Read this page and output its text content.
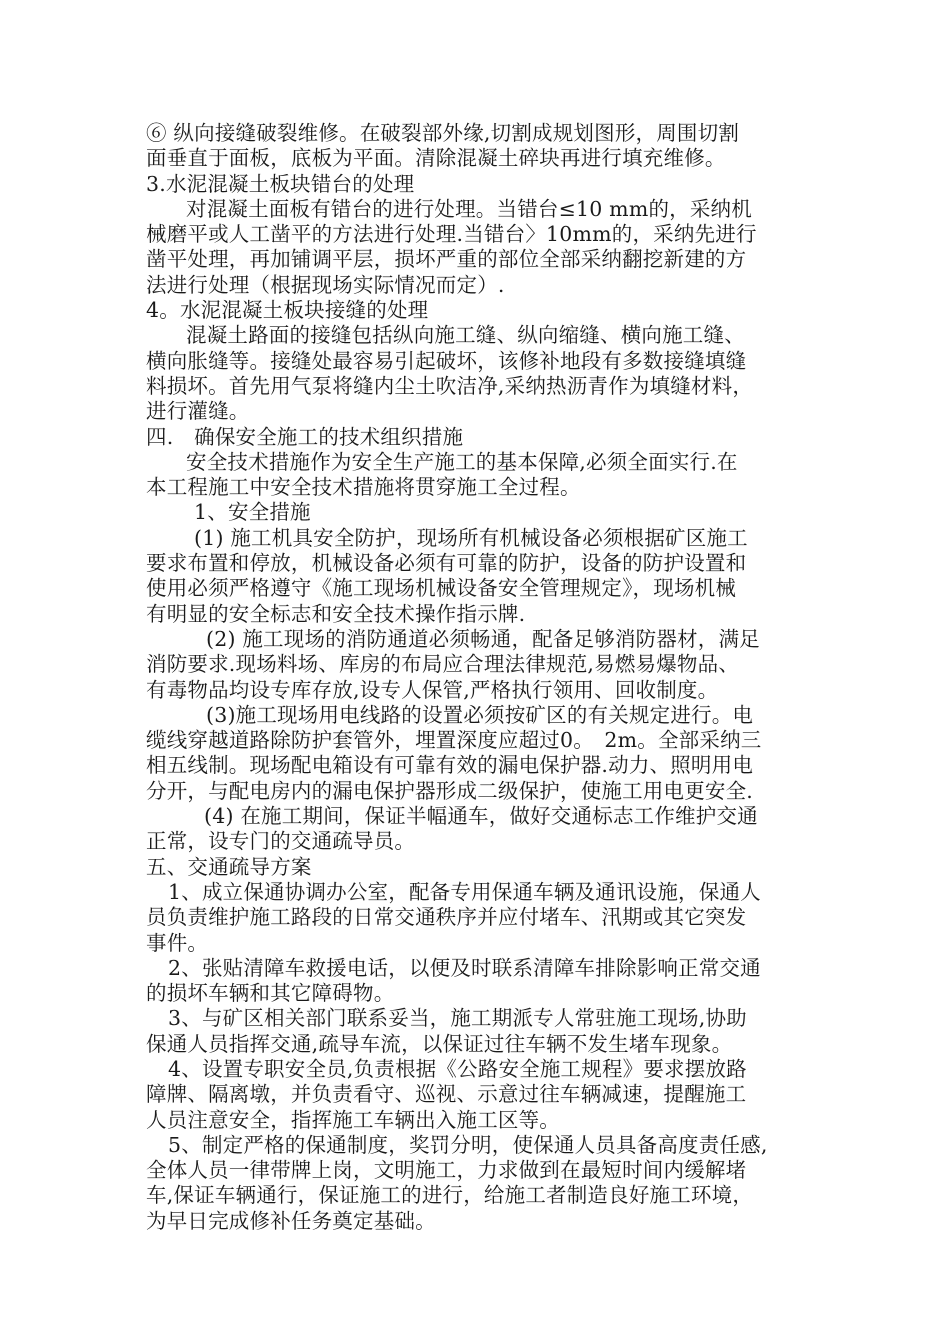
⑥ 纵向接缝破裂维修。在破裂部外缘,切割成规划图形，周围切割
面垂直于面板，底板为平面。清除混凝土碎块再进行填充维修。
3.水泥混凝土板块错台的处理
对混凝土面板有错台的进行处理。当错台≤10 mm的，采纳机
械磨平或人工凿平的方法进行处理.当错台〉10mm的，采纳先进行
凿平处理，再加铺调平层，损坏严重的部位全部采纳翻挖新建的方
法进行处理（根据现场实际情况而定）.
4。水泥混凝土板块接缝的处理
混凝土路面的接缝包括纵向施工缝、纵向缩缝、横向施工缝、
横向胀缝等。接缝处最容易引起破坏，该修补地段有多数接缝填缝
料损坏。首先用气泵将缝内尘土吹洁净,采纳热沥青作为填缝材料，
进行灌缝。
四.　确保安全施工的技术组织措施
安全技术措施作为安全生产施工的基本保障,必须全面实行.在
本工程施工中安全技术措施将贯穿施工全过程。
1、安全措施
(1) 施工机具安全防护，现场所有机械设备必须根据矿区施工
要求布置和停放，机械设备必须有可靠的防护，设备的防护设置和
使用必须严格遵守《施工现场机械设备安全管理规定》，现场机械
有明显的安全标志和安全技术操作指示牌.
(2) 施工现场的消防通道必须畅通，配备足够消防器材，满足
消防要求.现场料场、库房的布局应合理法律规范,易燃易爆物品、
有毒物品均设专库存放,设专人保管,严格执行领用、回收制度。
(3)施工现场用电线路的设置必须按矿区的有关规定进行。电
缆线穿越道路除防护套管外，埋置深度应超过0。　2m。全部采纳三
相五线制。现场配电箱设有可靠有效的漏电保护器.动力、照明用电
分开，与配电房内的漏电保护器形成二级保护，使施工用电更安全.
(4) 在施工期间，保证半幅通车，做好交通标志工作维护交通
正常，设专门的交通疏导员。
五、交通疏导方案
1、成立保通协调办公室，配备专用保通车辆及通讯设施，保通人
员负责维护施工路段的日常交通秩序并应付堵车、汛期或其它突发
事件。
2、张贴清障车救援电话，以便及时联系清障车排除影响正常交通
的损坏车辆和其它障碍物。
3、与矿区相关部门联系妥当，施工期派专人常驻施工现场,协助
保通人员指挥交通,疏导车流，以保证过往车辆不发生堵车现象。
4、设置专职安全员,负责根据《公路安全施工规程》要求摆放路
障牌、隔离墩，并负责看守、巡视、示意过往车辆减速，提醒施工
人员注意安全，指挥施工车辆出入施工区等。
5、制定严格的保通制度，奖罚分明，使保通人员具备高度责任感,
全体人员一律带牌上岗，文明施工，力求做到在最短时间内缓解堵
车,保证车辆通行，保证施工的进行，给施工者制造良好施工环境，
为早日完成修补任务奠定基础。
